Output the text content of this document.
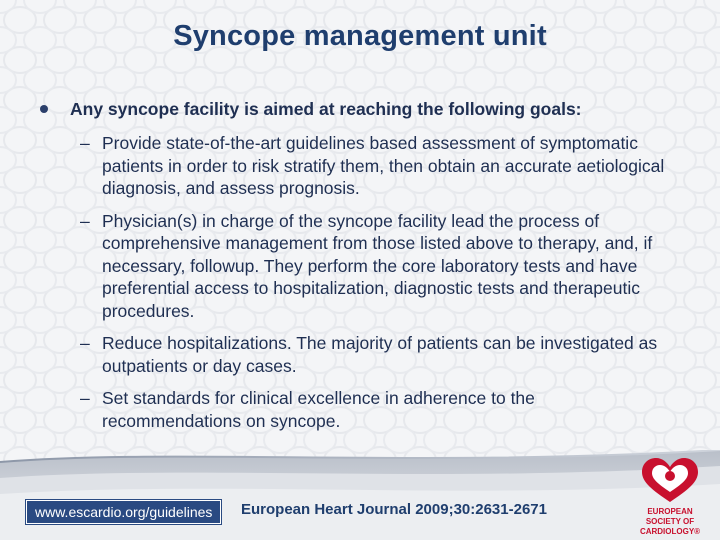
Syncope management unit
Any syncope facility is aimed at reaching the following goals:
– Provide state-of-the-art guidelines based assessment of symptomatic patients in order to risk stratify them, then obtain an accurate aetiological diagnosis, and assess prognosis.
– Physician(s) in charge of the syncope facility lead the process of comprehensive management from those listed above to therapy, and, if necessary, followup. They perform the core laboratory tests and have preferential access to hospitalization, diagnostic tests and therapeutic procedures.
– Reduce hospitalizations. The majority of patients can be investigated as outpatients or day cases.
– Set standards for clinical excellence in adherence to the recommendations on syncope.
www.escardio.org/guidelines	European Heart Journal 2009;30:2631-2671	EUROPEAN
SOCIETY OF
CARDIOLOGY®
